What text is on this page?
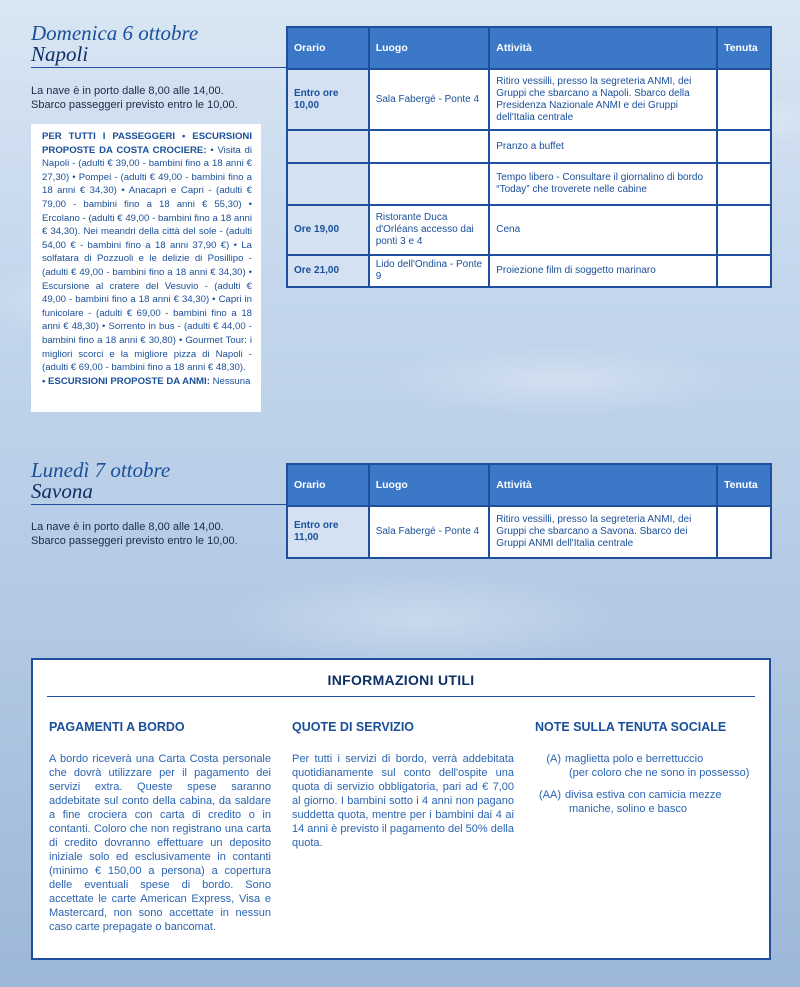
Domenica 6 ottobre
Napoli
La nave è in porto dalle 8,00 alle 14,00.
Sbarco passeggeri previsto entro le 10,00.
PER TUTTI I PASSEGGERI • ESCURSIONI PROPOSTE DA COSTA CROCIERE: • Visita di Napoli - (adulti € 39,00 - bambini fino a 18 anni € 27,30) • Pompei - (adulti € 49,00 - bambini fino a 18 anni € 34,30) • Anacapri e Capri - (adulti € 79,00 - bambini fino a 18 anni € 55,30) • Ercolano - (adulti € 49,00 - bambini fino a 18 anni € 34,30). Nei meandri della città del sole - (adulti 54,00 € - bambini fino a 18 anni 37,90 €) • La solfatara di Pozzuoli e le delizie di Posillipo - (adulti € 49,00 - bambini fino a 18 anni € 34,30) • Escursione al cratere del Vesuvio - (adulti € 49,00 - bambini fino a 18 anni € 34,30) • Capri in funicolare - (adulti € 69,00 - bambini fino a 18 anni € 48,30) • Sorrento in bus - (adulti € 44,00 - bambini fino a 18 anni € 30,80) • Gourmet Tour: i migliori scorci e la migliore pizza di Napoli - (adulti € 69,00 - bambini fino a 18 anni € 48,30).
• ESCURSIONI PROPOSTE DA ANMI: Nessuna
Orario	Luogo	Attività	Tenuta
Entro ore 10,00	Sala Fabergé - Ponte 4	Ritiro vessilli, presso la segreteria ANMI, dei Gruppi che sbarcano a Napoli. Sbarco della Presidenza Nazionale ANMI e dei Gruppi dell'Italia centrale	
		Pranzo a buffet	
		Tempo libero - Consultare il giornalino di bordo “Today” che troverete nelle cabine	
Ore 19,00	Ristorante Duca d'Orléans accesso dai ponti 3 e 4	Cena	
Ore 21,00	Lido dell'Ondina - Ponte 9	Proiezione film di soggetto marinaro	
Lunedì 7 ottobre
Savona
La nave è in porto dalle 8,00 alle 14,00.
Sbarco passeggeri previsto entro le 10,00.
Orario	Luogo	Attività	Tenuta
Entro ore 11,00	Sala Fabergé - Ponte 4	Ritiro vessilli, presso la segreteria ANMI, dei Gruppi che sbarcano a Savona. Sbarco dei Gruppi ANMI dell'Italia centrale	
INFORMAZIONI UTILI
PAGAMENTI A BORDO

A bordo riceverà una Carta Costa personale che dovrà utilizzare per il pagamento dei servizi extra. Queste spese saranno addebitate sul conto della cabina, da saldare a fine crociera con carta di credito o in contanti. Coloro che non registrano una carta di credito dovranno effettuare un deposito iniziale solo ed esclusivamente in contanti (minimo € 150,00 a persona) a copertura delle eventuali spese di bordo. Sono accettate le carte American Express, Visa e Mastercard, non sono accettate in nessun caso carte prepagate o bancomat.

QUOTE DI SERVIZIO

Per tutti i servizi di bordo, verrà addebitata quotidianamente sul conto dell'ospite una quota di servizio obbligatoria, pari ad € 7,00 al giorno. I bambini sotto i 4 anni non pagano suddetta quota, mentre per i bambini dai 4 ai 14 anni è previsto il pagamento del 50% della quota.

NOTE SULLA TENUTA SOCIALE
(A) maglietta polo e berrettuccio
(per coloro che ne sono in possesso)
(AA) divisa estiva con camicia mezze
maniche, solino e basco
